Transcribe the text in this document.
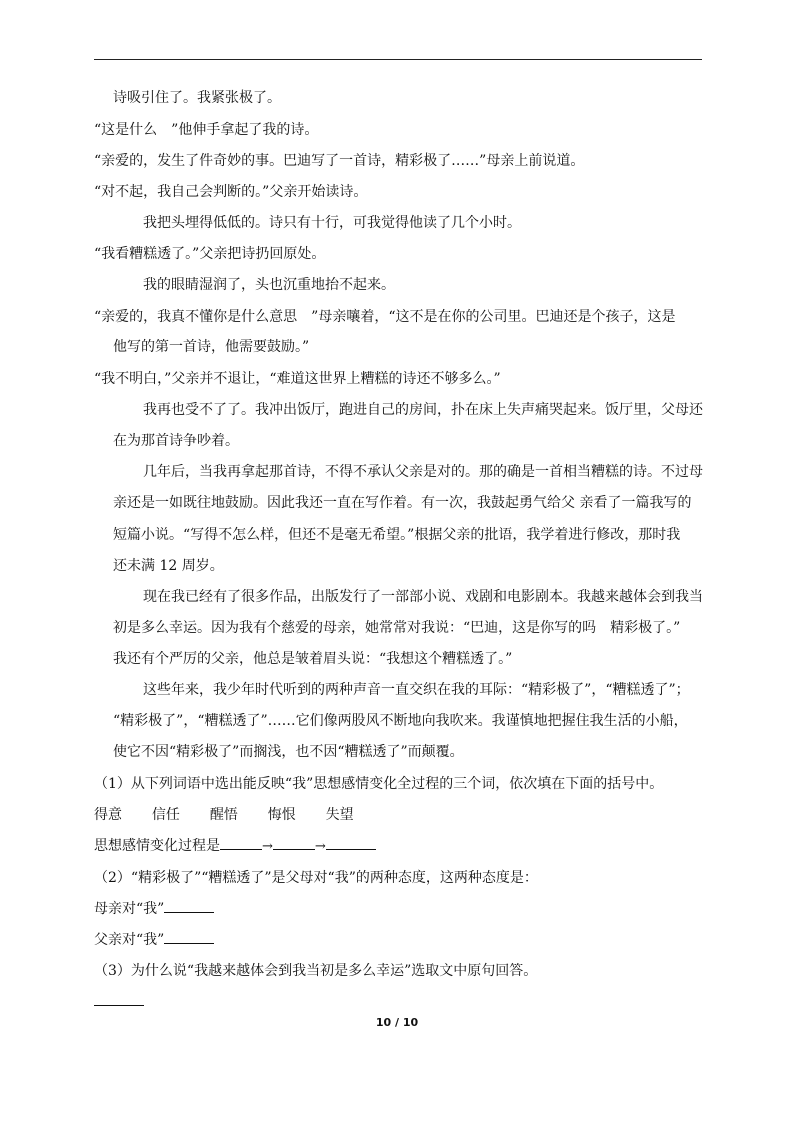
诗吸引住了。我紧张极了。
“这是什么　”他伸手拿起了我的诗。
“亲爱的，发生了件奇妙的事。巴迪写了一首诗，精彩极了……”母亲上前说道。
“对不起，我自己会判断的。”父亲开始读诗。
我把头埋得低低的。诗只有十行，可我觉得他读了几个小时。
“我看糟糕透了。”父亲把诗扔回原处。
我的眼睛湿润了，头也沉重地抬不起来。
“亲爱的，我真不懂你是什么意思　”母亲嚷着，“这不是在你的公司里。巴迪还是个孩子，这是
他写的第一首诗，他需要鼓励。”
“我不明白，”父亲并不退让，“难道这世界上糟糕的诗还不够多么。”
我再也受不了了。我冲出饭厅，跑进自己的房间，扑在床上失声痛哭起来。饭厅里，父母还
在为那首诗争吵着。
几年后，当我再拿起那首诗，不得不承认父亲是对的。那的确是一首相当糟糕的诗。不过母
亲还是一如既往地鼓励。因此我还一直在写作着。有一次，我鼓起勇气给父 亲看了一篇我写的
短篇小说。“写得不怎么样，但还不是毫无希望。”根据父亲的批语，我学着进行修改，那时我
还未满 12 周岁。
现在我已经有了很多作品，出版发行了一部部小说、戏剧和电影剧本。我越来越体会到我当
初是多么幸运。因为我有个慈爱的母亲，她常常对我说：“巴迪，这是你写的吗　精彩极了。”
我还有个严厉的父亲，他总是皱着眉头说：“我想这个糟糕透了。”
这些年来，我少年时代听到的两种声音一直交织在我的耳际：“精彩极了”，“糟糕透了”；
“精彩极了”，“糟糕透了”……它们像两股风不断地向我吹来。我谨慎地把握住我生活的小船，
使它不因“精彩极了”而搁浅，也不因“糟糕透了”而颠覆。
（1）从下列词语中选出能反映“我”思想感情变化全过程的三个词，依次填在下面的括号中。
得意 信任 醒悟 悔恨 失望
思想感情变化过程是	→	→
（2）“精彩极了”“糟糕透了”是父母对“我”的两种态度，这两种态度是：
母亲对“我”
父亲对“我”
（3）为什么说“我越来越体会到我当初是多么幸运”选取文中原句回答。
10 / 10
